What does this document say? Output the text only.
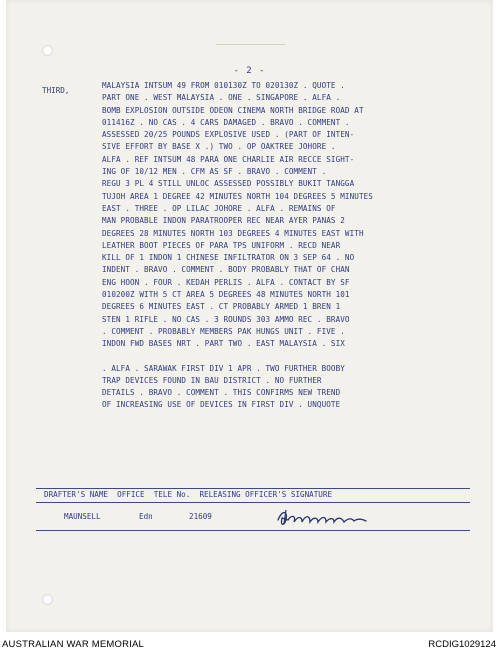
- 2 -
THIRD,
MALAYSIA INTSUM 49 FROM 010130Z TO 020130Z . QUOTE .
PART ONE . WEST MALAYSIA . ONE . SINGAPORE . ALFA .
BOMB EXPLOSION OUTSIDE ODEON CINEMA NORTH BRIDGE ROAD AT
011416Z . NO CAS . 4 CARS DAMAGED . BRAVO . COMMENT .
ASSESSED 20/25 POUNDS EXPLOSIVE USED . (PART OF INTEN-
SIVE EFFORT BY BASE X .) TWO . OP OAKTREE JOHORE .
ALFA . REF INTSUM 48 PARA ONE CHARLIE AIR RECCE SIGHT-
ING OF 10/12 MEN . CFM AS SF . BRAVO . COMMENT .
REGU 3 PL 4 STILL UNLOC ASSESSED POSSIBLY BUKIT TANGGA
TUJOH AREA 1 DEGREE 42 MINUTES NORTH 104 DEGREES 5 MINUTES
EAST . THREE . OP LILAC JOHORE . ALFA . REMAINS OF
MAN PROBABLE INDON PARATROOPER REC NEAR AYER PANAS 2
DEGREES 28 MINUTES NORTH 103 DEGREES 4 MINUTES EAST WITH
LEATHER BOOT PIECES OF PARA TPS UNIFORM . RECD NEAR
KILL OF 1 INDON 1 CHINESE INFILTRATOR ON 3 SEP 64 . NO
INDENT . BRAVO . COMMENT . BODY PROBABLY THAT OF CHAN
ENG HOON . FOUR . KEDAH PERLIS . ALFA . CONTACT BY SF
010200Z WITH 5 CT AREA 5 DEGREES 48 MINUTES NORTH 101
DEGREES 6 MINUTES EAST . CT PROBABLY ARMED 1 BREN 1
STEN 1 RIFLE . NO CAS . 3 ROUNDS 303 AMMO REC . BRAVO
. COMMENT . PROBABLY MEMBERS PAK HUNGS UNIT . FIVE .
INDON FWD BASES NRT . PART TWO . EAST MALAYSIA . SIX
. ALFA . SARAWAK FIRST DIV 1 APR . TWO FURTHER BOOBY
TRAP DEVICES FOUND IN BAU DISTRICT . NO FURTHER
DETAILS . BRAVO . COMMENT . THIS CONFIRMS NEW TREND
OF INCREASING USE OF DEVICES IN FIRST DIV . UNQUOTE
DRAFTER'S NAME  OFFICE  TELE No.  RELEASING OFFICER'S SIGNATURE
MAUNSELL	Edn	21609
AUSTRALIAN WAR MEMORIAL	RCDIG1029124
